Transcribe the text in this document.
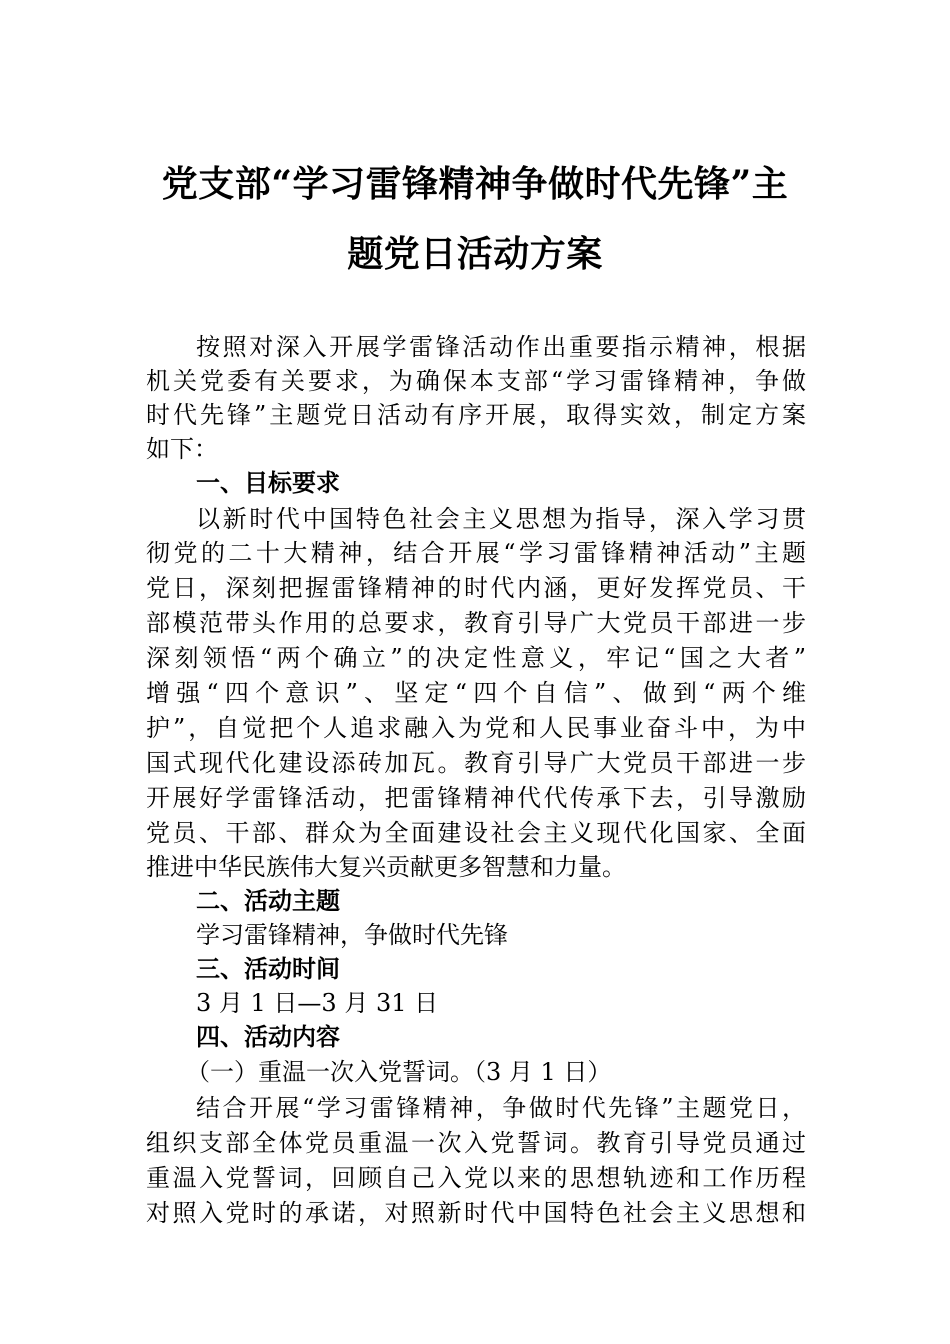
党支部“学习雷锋精神争做时代先锋”主
题党日活动方案
按照对深入开展学雷锋活动作出重要指示精神，根据
机关党委有关要求，为确保本支部“学习雷锋精神，争做
时代先锋”主题党日活动有序开展，取得实效，制定方案
如下：
一、目标要求
以新时代中国特色社会主义思想为指导，深入学习贯
彻党的二十大精神，结合开展“学习雷锋精神活动”主题
党日，深刻把握雷锋精神的时代内涵，更好发挥党员、干
部模范带头作用的总要求，教育引导广大党员干部进一步
深刻领悟“两个确立”的决定性意义，牢记“国之大者”
增强“四个意识”、坚定“四个自信”、做到“两个维
护”，自觉把个人追求融入为党和人民事业奋斗中，为中
国式现代化建设添砖加瓦。教育引导广大党员干部进一步
开展好学雷锋活动，把雷锋精神代代传承下去，引导激励
党员、干部、群众为全面建设社会主义现代化国家、全面
推进中华民族伟大复兴贡献更多智慧和力量。
二、活动主题
学习雷锋精神，争做时代先锋
三、活动时间
3 月 1 日—3 月 31 日
四、活动内容
（一）重温一次入党誓词。（3 月 1 日）
结合开展“学习雷锋精神，争做时代先锋”主题党日，
组织支部全体党员重温一次入党誓词。教育引导党员通过
重温入党誓词，回顾自己入党以来的思想轨迹和工作历程
对照入党时的承诺，对照新时代中国特色社会主义思想和
